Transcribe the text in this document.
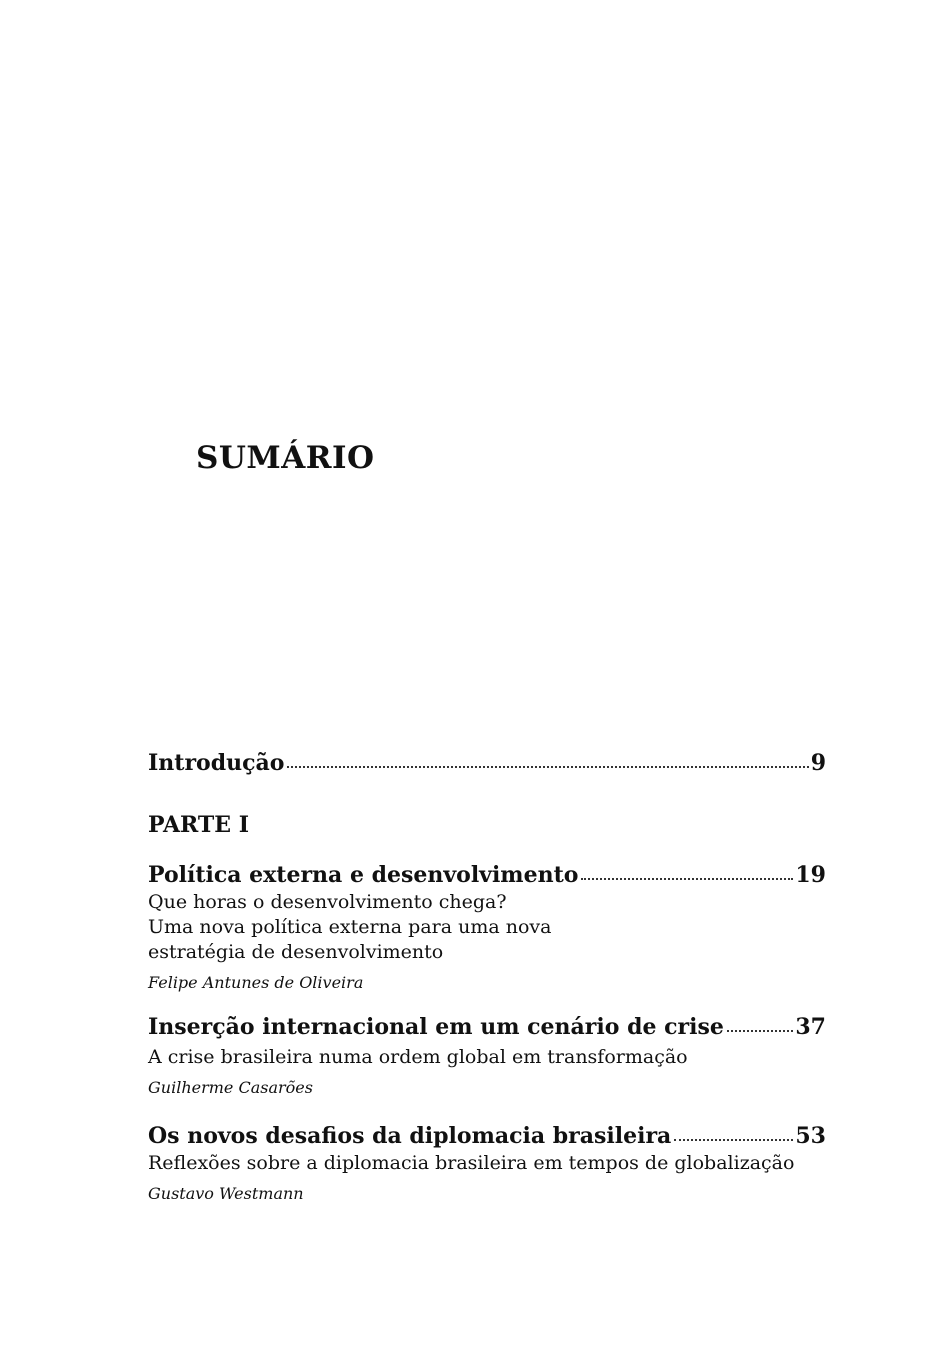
SUMÁRIO
Introdução	9
PARTE I
Política externa e desenvolvimento	19
Que horas o desenvolvimento chega?
Uma nova política externa para uma nova
estratégia de desenvolvimento
Felipe Antunes de Oliveira
Inserção internacional em um cenário de crise	37
A crise brasileira numa ordem global em transformação
Guilherme Casarões
Os novos desafios da diplomacia brasileira	53
Reflexões sobre a diplomacia brasileira em tempos de globalização
Gustavo Westmann
